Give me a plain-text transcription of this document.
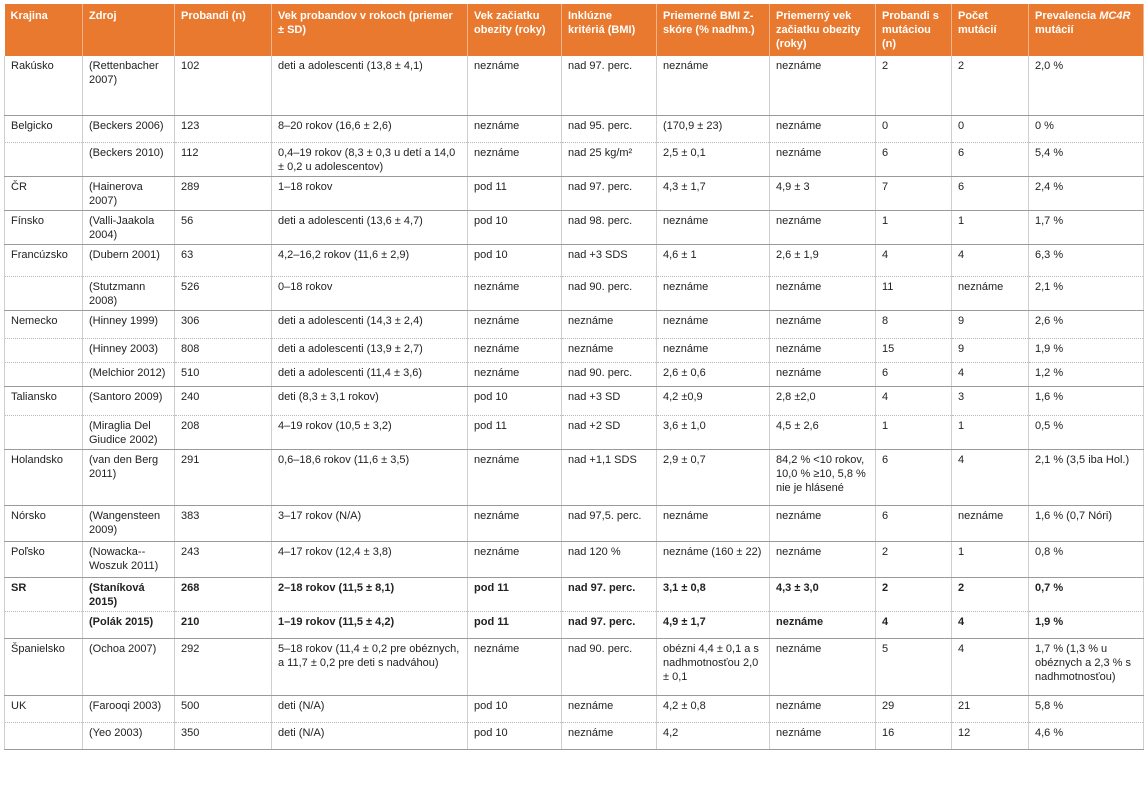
Krajina	Zdroj	Probandi (n)	Vek probandov v rokoch (priemer ± SD)	Vek začiatku obezity (roky)	Inklúzne kritériá (BMI)	Priemerné BMI Z-skóre (% nadhm.)	Priemerný vek začiatku obezity (roky)	Probandi s mutáciou (n)	Počet mutácií	Prevalencia MC4R mutácií
Rakúsko	(Rettenbacher 2007)	102	deti a adolescenti (13,8 ± 4,1)	neznáme	nad 97. perc.	neznáme	neznáme	2	2	2,0 %
Belgicko	(Beckers 2006)	123	8–20 rokov (16,6 ± 2,6)	neznáme	nad 95. perc.	(170,9 ± 23)	neznáme	0	0	0 %
	(Beckers 2010)	112	0,4–19 rokov (8,3 ± 0,3 u detí a 14,0 ± 0,2 u adolescentov)	neznáme	nad 25 kg/m²	2,5 ± 0,1	neznáme	6	6	5,4 %
ČR	(Hainerova 2007)	289	1–18 rokov	pod 11	nad 97. perc.	4,3 ± 1,7	4,9 ± 3	7	6	2,4 %
Fínsko	(Valli-Jaakola 2004)	56	deti a adolescenti (13,6 ± 4,7)	pod 10	nad 98. perc.	neznáme	neznáme	1	1	1,7 %
Francúzsko	(Dubern 2001)	63	4,2–16,2 rokov (11,6 ± 2,9)	pod 10	nad +3 SDS	4,6 ± 1	2,6 ± 1,9	4	4	6,3 %
	(Stutzmann 2008)	526	0–18 rokov	neznáme	nad 90. perc.	neznáme	neznáme	11	neznáme	2,1 %
Nemecko	(Hinney 1999)	306	deti a adolescenti (14,3 ± 2,4)	neznáme	neznáme	neznáme	neznáme	8	9	2,6 %
	(Hinney 2003)	808	deti a adolescenti (13,9 ± 2,7)	neznáme	neznáme	neznáme	neznáme	15	9	1,9 %
	(Melchior 2012)	510	deti a adolescenti (11,4 ± 3,6)	neznáme	nad 90. perc.	2,6 ± 0,6	neznáme	6	4	1,2 %
Taliansko	(Santoro 2009)	240	deti (8,3 ± 3,1 rokov)	pod 10	nad +3 SD	4,2 ±0,9	2,8 ±2,0	4	3	1,6 %
	(Miraglia Del Giudice 2002)	208	4–19 rokov (10,5 ± 3,2)	pod 11	nad +2 SD	3,6 ± 1,0	4,5 ± 2,6	1	1	0,5 %
Holandsko	(van den Berg 2011)	291	0,6–18,6 rokov (11,6 ± 3,5)	neznáme	nad +1,1 SDS	2,9 ± 0,7	84,2 % <10 rokov, 10,0 % ≥10, 5,8 % nie je hlásené	6	4	2,1 % (3,5 iba Hol.)
Nórsko	(Wangensteen 2009)	383	3–17 rokov (N/A)	neznáme	nad 97,5. perc.	neznáme	neznáme	6	neznáme	1,6 % (0,7 Nóri)
Poľsko	(Nowacka--Woszuk 2011)	243	4–17 rokov (12,4 ± 3,8)	neznáme	nad 120 %	neznáme (160 ± 22)	neznáme	2	1	0,8 %
SR	(Staníková 2015)	268	2–18 rokov (11,5 ± 8,1)	pod 11	nad 97. perc.	3,1 ± 0,8	4,3 ± 3,0	2	2	0,7 %
	(Polák 2015)	210	1–19 rokov (11,5 ± 4,2)	pod 11	nad 97. perc.	4,9 ± 1,7	neznáme	4	4	1,9 %
Španielsko	(Ochoa 2007)	292	5–18 rokov (11,4 ± 0,2 pre obéznych, a 11,7 ± 0,2 pre deti s nadváhou)	neznáme	nad 90. perc.	obézni 4,4 ± 0,1 a s nadhmotnosťou 2,0 ± 0,1	neznáme	5	4	1,7 % (1,3 % u obéznych a 2,3 % s nadhmotnosťou)
UK	(Farooqi 2003)	500	deti (N/A)	pod 10	neznáme	4,2 ± 0,8	neznáme	29	21	5,8 %
	(Yeo 2003)	350	deti (N/A)	pod 10	neznáme	4,2	neznáme	16	12	4,6 %
